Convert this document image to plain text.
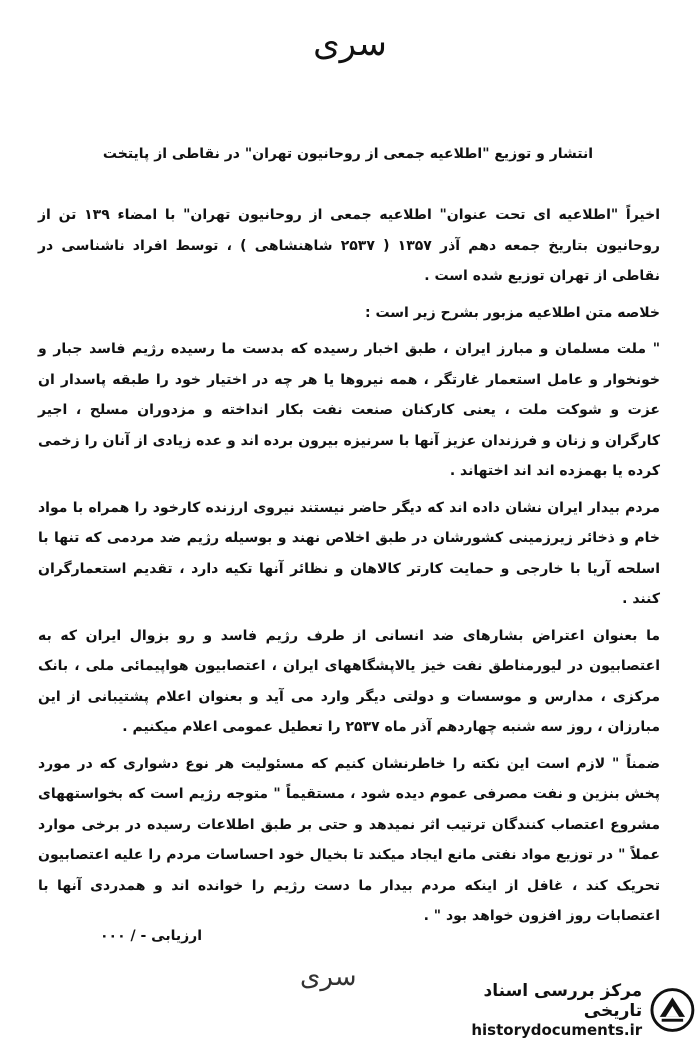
سری
انتشار و توزیع "اطلاعیه جمعی از روحانیون تهران" در نقاطی از پایتخت

اخیراً "اطلاعیه ای تحت عنوان" اطلاعیه جمعی از روحانیون تهران" با امضاء ۱۳۹ تن از روحانیون بتاریخ جمعه دهم آذر ۱۳۵۷ ( ۲۵۳۷ شاهنشاهی ) ، توسط افراد ناشناسی در نقاطی از تهران توزیع شده است .

خلاصه متن اطلاعیه مزبور بشرح زیر است :

" ملت مسلمان و مبارز ایران ، طبق اخبار رسیده که بدست ما رسیده رژیم فاسد جبار و خونخوار و عامل استعمار غارتگر ، همه نیروها یا هر چه در اختیار خود را طبقه پاسدار ان عزت و شوکت ملت ، یعنی کارکنان صنعت نفت بکار انداخته و مزدوران مسلح ، اجیر کارگران و زنان و فرزندان عزیز آنها با سرنیزه بیرون برده اند و عده زیادی از آنان را زخمی کرده یا بهمزده اند اند اختهاند .

مردم بیدار ایران نشان داده اند که دیگر حاضر نیستند نیروی ارزنده کارخود را همراه با مواد خام و ذخائر زیرزمینی کشورشان در طبق اخلاص نهند و بوسیله رژیم ضد مردمی که تنها با اسلحه آریا با خارجی و حمایت کارتر کالاهان و نظائر آنها تکیه دارد ، تقدیم استعمارگران کنند .

ما بعنوان اعتراض بشارهای ضد انسانی از طرف رژیم فاسد و رو بزوال ایران که به اعتصابیون در لیورمناطق نفت خیز یالاپشگاههای ایران ، اعتصابیون هواپیمائی ملی ، بانک مرکزی ، مدارس و موسسات و دولتی دیگر وارد می آید و بعنوان اعلام پشتیبانی از این مبارزان ، روز سه شنبه چهاردهم آذر ماه ۲۵۳۷ را تعطیل عمومی اعلام میکنیم .

ضمناً " لازم است این نکته را خاطرنشان کنیم که مسئولیت هر نوع دشواری که در مورد پخش بنزین و نفت مصرفی عموم دیده شود ، مستقیماً " متوجه رژیم است که بخواستههای مشروع اعتصاب کنندگان ترتیب اثر نمیدهد و حتی بر طبق اطلاعات رسیده در برخی موارد عملاً " در توزیع مواد نفتی مانع ایجاد میکند تا بخیال خود احساسات مردم را علیه اعتصابیون تحریک کند ، غافل از اینکه مردم بیدار ما دست رژیم را خوانده اند و همدردی آنها با اعتصابات روز افزون خواهد بود " .

ارزیابی - / ۰۰۰
سری	مرکز بررسی اسناد تاریخی
historydocuments.ir
